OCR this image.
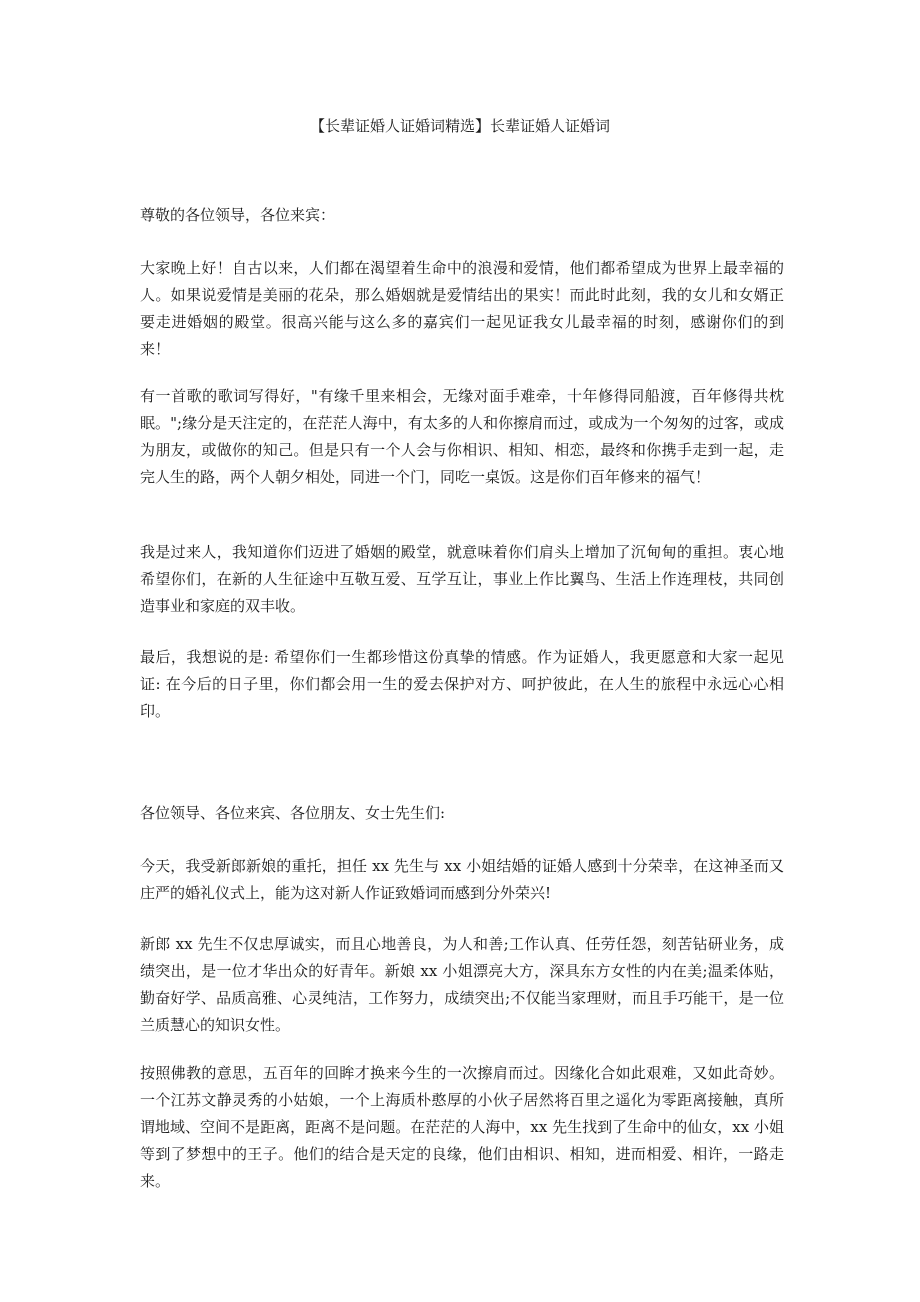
【长辈证婚人证婚词精选】长辈证婚人证婚词

尊敬的各位领导，各位来宾：

大家晚上好！自古以来，人们都在渴望着生命中的浪漫和爱情，他们都希望成为世界上最幸福的人。如果说爱情是美丽的花朵，那么婚姻就是爱情结出的果实！而此时此刻，我的女儿和女婿正要走进婚姻的殿堂。很高兴能与这么多的嘉宾们一起见证我女儿最幸福的时刻，感谢你们的到来！

有一首歌的歌词写得好，"有缘千里来相会，无缘对面手难牵，十年修得同船渡，百年修得共枕眠。";缘分是天注定的，在茫茫人海中，有太多的人和你擦肩而过，或成为一个匆匆的过客，或成为朋友，或做你的知己。但是只有一个人会与你相识、相知、相恋，最终和你携手走到一起，走完人生的路，两个人朝夕相处，同进一个门，同吃一桌饭。这是你们百年修来的福气！

我是过来人，我知道你们迈进了婚姻的殿堂，就意味着你们肩头上增加了沉甸甸的重担。衷心地希望你们，在新的人生征途中互敬互爱、互学互让，事业上作比翼鸟、生活上作连理枝，共同创造事业和家庭的双丰收。

最后，我想说的是: 希望你们一生都珍惜这份真挚的情感。作为证婚人，我更愿意和大家一起见证: 在今后的日子里，你们都会用一生的爱去保护对方、呵护彼此，在人生的旅程中永远心心相印。

各位领导、各位来宾、各位朋友、女士先生们:

今天，我受新郎新娘的重托，担任 xx 先生与 xx 小姐结婚的证婚人感到十分荣幸，在这神圣而又庄严的婚礼仪式上，能为这对新人作证致婚词而感到分外荣兴!

新郎 xx 先生不仅忠厚诚实，而且心地善良，为人和善;工作认真、任劳任怨，刻苦钻研业务，成绩突出，是一位才华出众的好青年。新娘 xx 小姐漂亮大方，深具东方女性的内在美;温柔体贴，勤奋好学、品质高雅、心灵纯洁，工作努力，成绩突出;不仅能当家理财，而且手巧能干，是一位兰质慧心的知识女性。

按照佛教的意思，五百年的回眸才换来今生的一次擦肩而过。因缘化合如此艰难，又如此奇妙。一个江苏文静灵秀的小姑娘，一个上海质朴憨厚的小伙子居然将百里之遥化为零距离接触，真所谓地域、空间不是距离，距离不是问题。在茫茫的人海中，xx 先生找到了生命中的仙女，xx 小姐等到了梦想中的王子。他们的结合是天定的良缘，他们由相识、相知，进而相爱、相许，一路走来。
